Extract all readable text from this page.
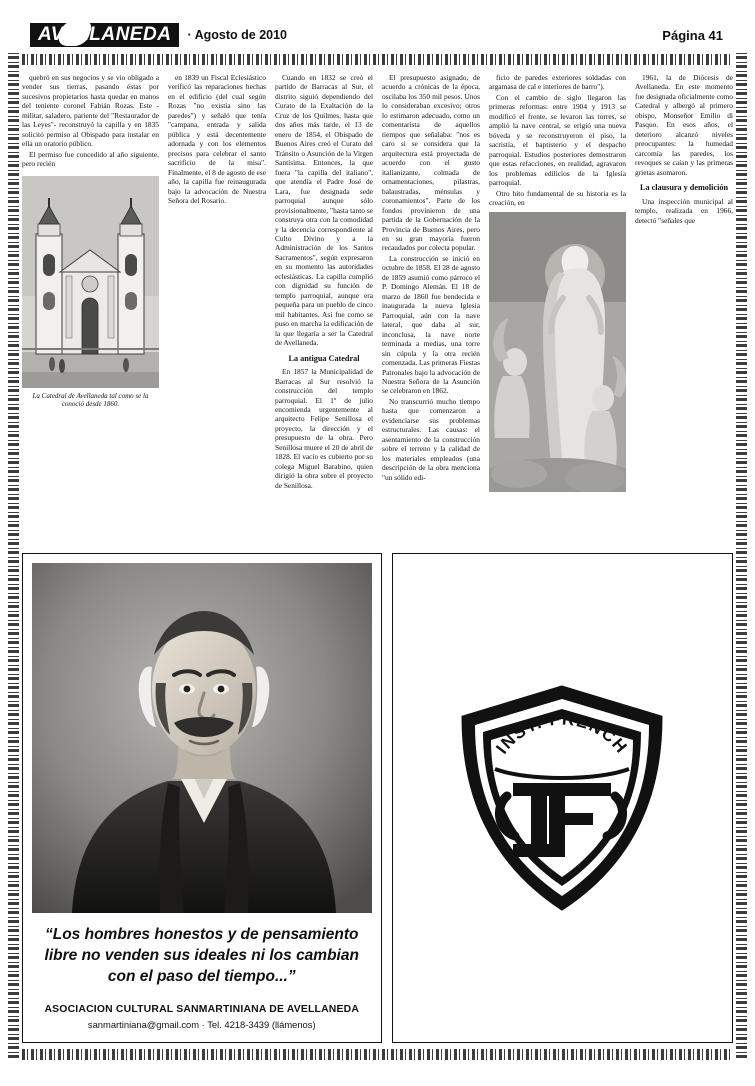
AVELLANEDA	· Agosto de 2010	Página 41

quebró en sus negocios y se vio obligado a vender sus tierras, pasando éstas por sucesivos propietarios hasta quedar en manos del teniente coronel Fabián Rozas. Este -militar, saladero, pariente del "Restaurador de las Leyes"- reconstruyó la capilla y en 1835 solicitó permiso al Obispado para instalar en ella un oratorio público.

El permiso fue concedido al año siguiente, pero recién

La Catedral de Avellaneda tal como se la conoció desde 1860.

en 1839 un Fiscal Eclesiástico verificó las reparaciones hechas en el edificio (del cual según Rozas "no existía sino las paredes") y señaló que tenía "campana, entrada y salida pública y está decentemente adornada y con los elementos precisos para celebrar el santo sacrificio de la misa". Finalmente, el 8 de agosto de ese año, la capilla fue reinaugurada bajo la advocación de Nuestra Señora del Rosario.

Cuando en 1832 se creó el partido de Barracas al Sur, el distrito siguió dependiendo del Curato de la Exaltación de la Cruz de los Quilmes, hasta que dos años más tarde, el 13 de enero de 1854, el Obispado de Buenos Aires creó el Curato del Tránsito o Asunción de la Virgen Santísima. Entonces, la que fuera "la capilla del italiano", que atendía el Padre José de Lara, fue designada sede parroquial aunque sólo provisionalmente, "hasta tanto se construya otra con la comodidad y la decencia correspondiente al Culto Divino y a la Administración de los Santos Sacramentos", según expresaron en su momento las autoridades eclesiásticas. La capilla cumplió con dignidad su función de templo parroquial, aunque era pequeña para un pueblo de cinco mil habitantes. Así fue como se puso en marcha la edificación de la que llegaría a ser la Catedral de Avellaneda.

La antigua Catedral

En 1857 la Municipalidad de Barracas al Sur resolvió la construcción del templo parroquial. El 1º de julio encomienda urgentemente al arquitecto Felipe Senillosa el proyecto, la dirección y el presupuesto de la obra. Pero Senillosa muere el 20 de abril de 1828. El vacío es cubierto por su colega Miguel Barabino, quien dirigió la obra sobre el proyecto de Senillosa.

El presupuesto asignado, de acuerdo a crónicas de la época, oscilaba los 350 mil pesos. Unos lo consideraban excesivo; otros lo estimaron adecuado, como un comentarista de aquellos tiempos que señalaba: "nos es caro si se considera que la arquitectura está proyectada de acuerdo con el gusto italianizante, colmada de ornamentaciones, pilastras, balaustradas, ménsulas y coronamientos". Parte de los fondos provinieron de una partida de la Gobernación de la Provincia de Buenos Aires, pero en su gran mayoría fueron recaudados por colecta popular.

La construcción se inició en octubre de 1858. El 28 de agosto de 1859 asumió como párroco el P. Domingo Alemán. El 18 de marzo de 1860 fue bendecida e inaugurada la nueva Iglesia Parroquial, aún con la nave lateral, que daba al sur, inconclusa, la nave norte terminada a medias, una torre sin cúpula y la otra recién comenzada. Las primeras Fiestas Patronales bajo la advocación de Nuestra Señora de la Asunción se celebraron en 1862.

No transcurrió mucho tiempo hasta que comenzaron a evidenciarse sus problemas estructurales. Las causas: el asentamiento de la construcción sobre el terreno y la calidad de los materiales empleados (una descripción de la obra menciona "un sólido edi-

ficio de paredes exteriores soldadas con argamasa de cal e interiores de barro").

Con el cambio de siglo llegaron las primeras reformas: entre 1904 y 1913 se modificó el frente, se levaron las torres, se amplió la nave central, se erigió una nueva bóveda y se reconstruyeron el piso, la sacristía, el baptisterio y el despacho parroquial. Estudios posteriores demostraron que estas refacciones, en realidad, agravaron los problemas edilicios de la Iglesia parroquial.

Otro hito fundamental de su historia es la creación, en

1961, la de Diócesis de Avellaneda. En este momento fue designada oficialmente como Catedral y albergó al primero obispo, Monseñor Emilio di Pasquo. En esos años, el deterioro alcanzó niveles preocupantes: la humedad carcomía las paredes, los revoques se caían y las primeras grietas asomaron.

La clausura y demolición

Una inspección municipal al templo, realizada en 1966, detectó "señales que

“Los hombres honestos y de pensamiento libre no venden sus ideales ni los cambian con el paso del tiempo...”
ASOCIACION CULTURAL SANMARTINIANA DE AVELLANEDA
sanmartiniana@gmail.com · Tel. 4218-3439 (llámenos)
INST. FRENCH
